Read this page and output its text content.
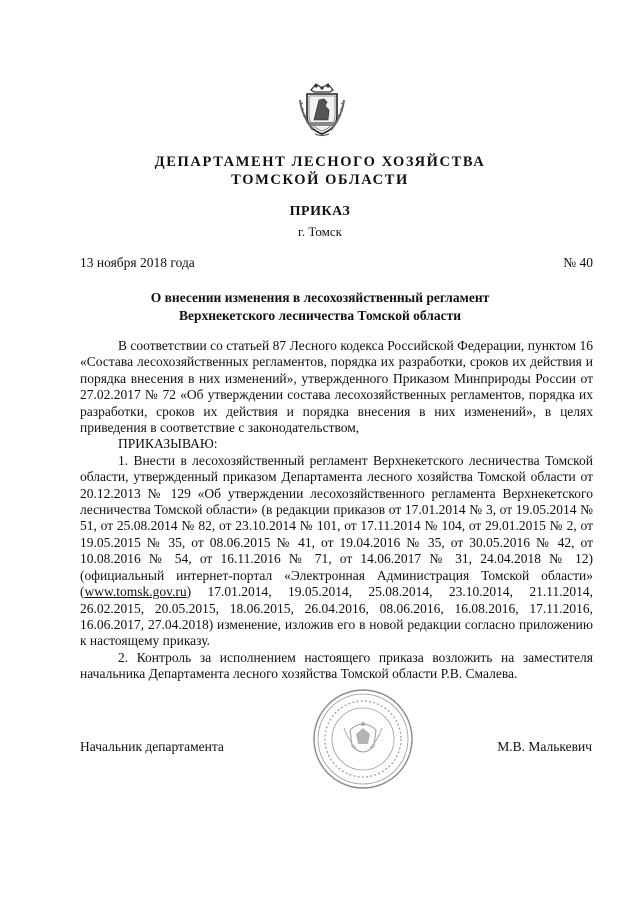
ДЕПАРТАМЕНТ ЛЕСНОГО ХОЗЯЙСТВА
ТОМСКОЙ ОБЛАСТИ
ПРИКАЗ
г. Томск
13 ноября 2018 года	№ 40
О внесении изменения в лесохозяйственный регламент
Верхнекетского лесничества Томской области

В соответствии со статьей 87 Лесного кодекса Российской Федерации, пунктом 16 «Состава лесохозяйственных регламентов, порядка их разработки, сроков их действия и порядка внесения в них изменений», утвержденного Приказом Минприроды России от 27.02.2017 № 72 «Об утверждении состава лесохозяйственных регламентов, порядка их разработки, сроков их действия и порядка внесения в них изменений», в целях приведения в соответствие с законодательством,

ПРИКАЗЫВАЮ:

1. Внести в лесохозяйственный регламент Верхнекетского лесничества Томской области, утвержденный приказом Департамента лесного хозяйства Томской области от 20.12.2013 № 129 «Об утверждении лесохозяйственного регламента Верхнекетского лесничества Томской области» (в редакции приказов от 17.01.2014 № 3, от 19.05.2014 № 51, от 25.08.2014 № 82, от 23.10.2014 № 101, от 17.11.2014 № 104, от 29.01.2015 № 2, от 19.05.2015 № 35, от 08.06.2015 № 41, от 19.04.2016 № 35, от 30.05.2016 № 42, от 10.08.2016 № 54, от 16.11.2016 № 71, от 14.06.2017 № 31, 24.04.2018 № 12) (официальный интернет-портал «Электронная Администрация Томской области» (www.tomsk.gov.ru) 17.01.2014, 19.05.2014, 25.08.2014, 23.10.2014, 21.11.2014, 26.02.2015, 20.05.2015, 18.06.2015, 26.04.2016, 08.06.2016, 16.08.2016, 17.11.2016, 16.06.2017, 27.04.2018) изменение, изложив его в новой редакции согласно приложению к настоящему приказу.

2. Контроль за исполнением настоящего приказа возложить на заместителя начальника Департамента лесного хозяйства Томской области Р.В. Смалева.

Начальник департамента	М.В. Малькевич
